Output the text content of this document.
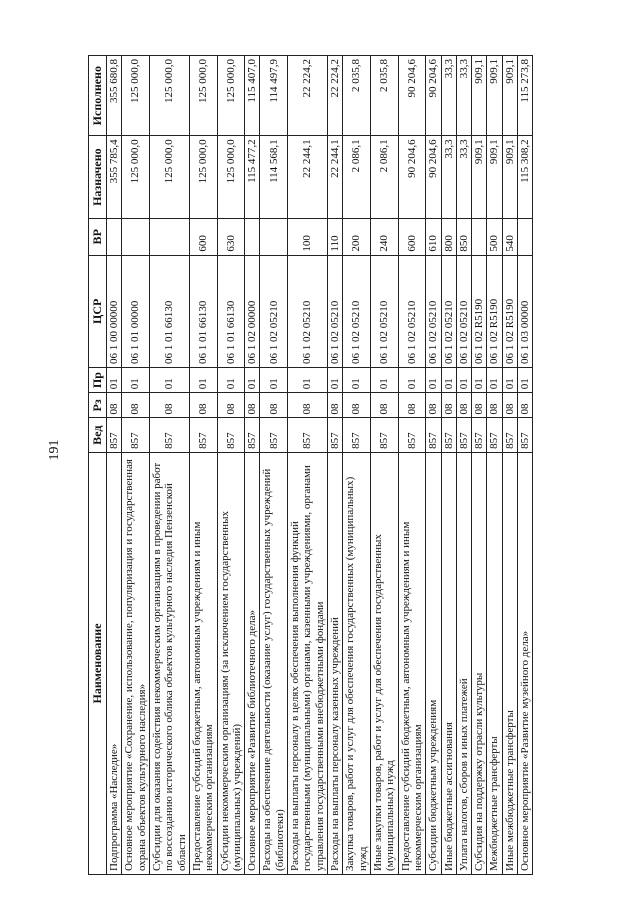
191
Наименование	Вед	Рз	Пр	ЦСР	ВР	Назначено	Исполнено
Подпрограмма «Наследие»	857	08	01	06 1 00 00000		355 785,4	355 680,8
Основное мероприятие «Сохранение, использование, популяризация и государственная охрана объектов культурного наследия»	857	08	01	06 1 01 00000		125 000,0	125 000,0
Субсидии для оказания содействия некоммерческим организациям в проведении работ по воссозданию исторического облика объектов культурного наследия Пензенской области	857	08	01	06 1 01 66130		125 000,0	125 000,0
Предоставление субсидий бюджетным, автономным учреждениям и иным некоммерческим организациям	857	08	01	06 1 01 66130	600	125 000,0	125 000,0
Субсидии некоммерческим организациям (за исключением государственных (муниципальных) учреждений)	857	08	01	06 1 01 66130	630	125 000,0	125 000,0
Основное мероприятие «Развитие библиотечного дела»	857	08	01	06 1 02 00000		115 477,2	115 407,0
Расходы на обеспечение деятельности (оказание услуг) государственных учреждений (библиотеки)	857	08	01	06 1 02 05210		114 568,1	114 497,9
Расходы на выплаты персоналу в целях обеспечения выполнения функций государственными (муниципальными) органами, казенными учреждениями, органами управления государственными внебюджетными фондами	857	08	01	06 1 02 05210	100	22 244,1	22 224,2
Расходы на выплаты персоналу казенных учреждений	857	08	01	06 1 02 05210	110	22 244,1	22 224,2
Закупка товаров, работ и услуг для обеспечения государственных (муниципальных) нужд	857	08	01	06 1 02 05210	200	2 086,1	2 035,8
Иные закупки товаров, работ и услуг для обеспечения государственных (муниципальных) нужд	857	08	01	06 1 02 05210	240	2 086,1	2 035,8
Предоставление субсидий бюджетным, автономным учреждениям и иным некоммерческим организациям	857	08	01	06 1 02 05210	600	90 204,6	90 204,6
Субсидии бюджетным учреждениям	857	08	01	06 1 02 05210	610	90 204,6	90 204,6
Иные бюджетные ассигнования	857	08	01	06 1 02 05210	800	33,3	33,3
Уплата налогов, сборов и иных платежей	857	08	01	06 1 02 05210	850	33,3	33,3
Субсидия на поддержку отрасли культуры	857	08	01	06 1 02 R5190		909,1	909,1
Межбюджетные трансферты	857	08	01	06 1 02 R5190	500	909,1	909,1
Иные межбюджетные трансферты	857	08	01	06 1 02 R5190	540	909,1	909,1
Основное мероприятие «Развитие музейного дела»	857	08	01	06 1 03 00000		115 308,2	115 273,8
